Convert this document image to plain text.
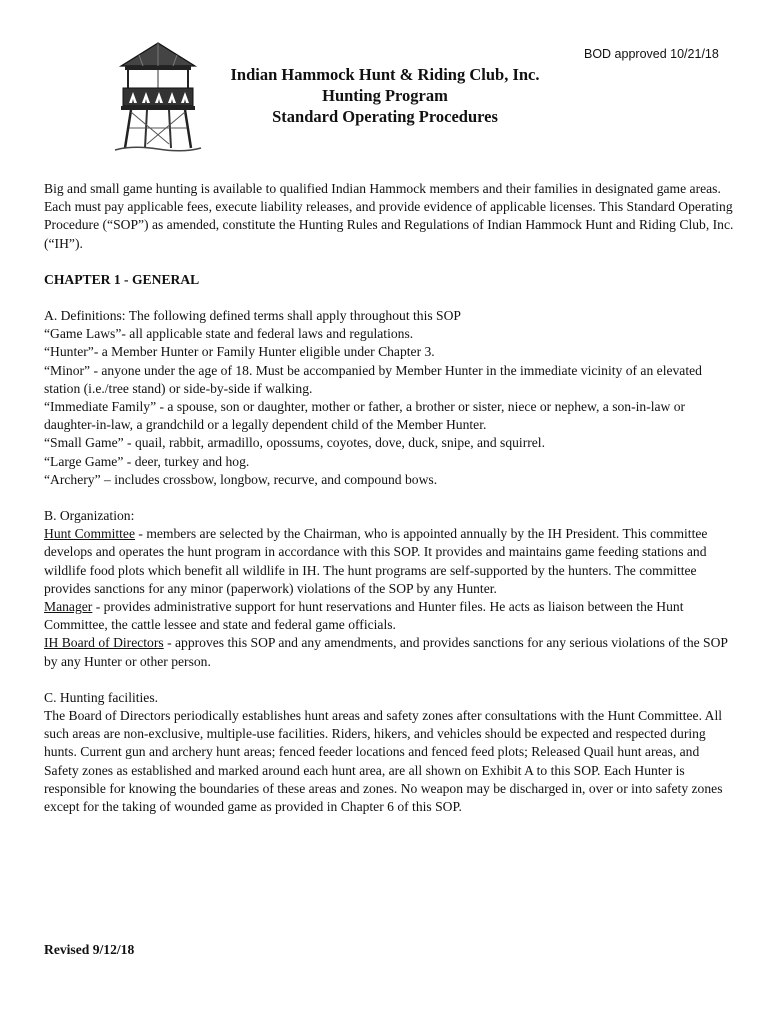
BOD approved 10/21/18
Indian Hammock Hunt & Riding Club, Inc.
Hunting Program
Standard Operating Procedures

Big and small game hunting is available to qualified Indian Hammock members and their families in designated game areas. Each must pay applicable fees, execute liability releases, and provide evidence of applicable licenses. This Standard Operating Procedure (“SOP”) as amended, constitute the Hunting Rules and Regulations of Indian Hammock Hunt and Riding Club, Inc. (“IH”).

CHAPTER 1 - GENERAL

A. Definitions: The following defined terms shall apply throughout this SOP

“Game Laws”- all applicable state and federal laws and regulations.

“Hunter”- a Member Hunter or Family Hunter eligible under Chapter 3.

“Minor” - anyone under the age of 18. Must be accompanied by Member Hunter in the immediate vicinity of an elevated station (i.e./tree stand) or side-by-side if walking.

“Immediate Family” - a spouse, son or daughter, mother or father, a brother or sister, niece or nephew, a son-in-law or daughter-in-law, a grandchild or a legally dependent child of the Member Hunter.

“Small Game” - quail, rabbit, armadillo, opossums, coyotes, dove, duck, snipe, and squirrel.

“Large Game” - deer, turkey and hog.

“Archery” – includes crossbow, longbow, recurve, and compound bows.

B. Organization:

Hunt Committee - members are selected by the Chairman, who is appointed annually by the IH President. This committee develops and operates the hunt program in accordance with this SOP. It provides and maintains game feeding stations and wildlife food plots which benefit all wildlife in IH. The hunt programs are self-supported by the hunters. The committee provides sanctions for any minor (paperwork) violations of the SOP by any Hunter.

Manager - provides administrative support for hunt reservations and Hunter files. He acts as liaison between the Hunt Committee, the cattle lessee and state and federal game officials.

IH Board of Directors - approves this SOP and any amendments, and provides sanctions for any serious violations of the SOP by any Hunter or other person.

C. Hunting facilities.

The Board of Directors periodically establishes hunt areas and safety zones after consultations with the Hunt Committee. All such areas are non-exclusive, multiple-use facilities. Riders, hikers, and vehicles should be expected and respected during hunts. Current gun and archery hunt areas; fenced feeder locations and fenced feed plots; Released Quail hunt areas, and Safety zones as established and marked around each hunt area, are all shown on Exhibit A to this SOP. Each Hunter is responsible for knowing the boundaries of these areas and zones. No weapon may be discharged in, over or into safety zones except for the taking of wounded game as provided in Chapter 6 of this SOP.

Revised 9/12/18
